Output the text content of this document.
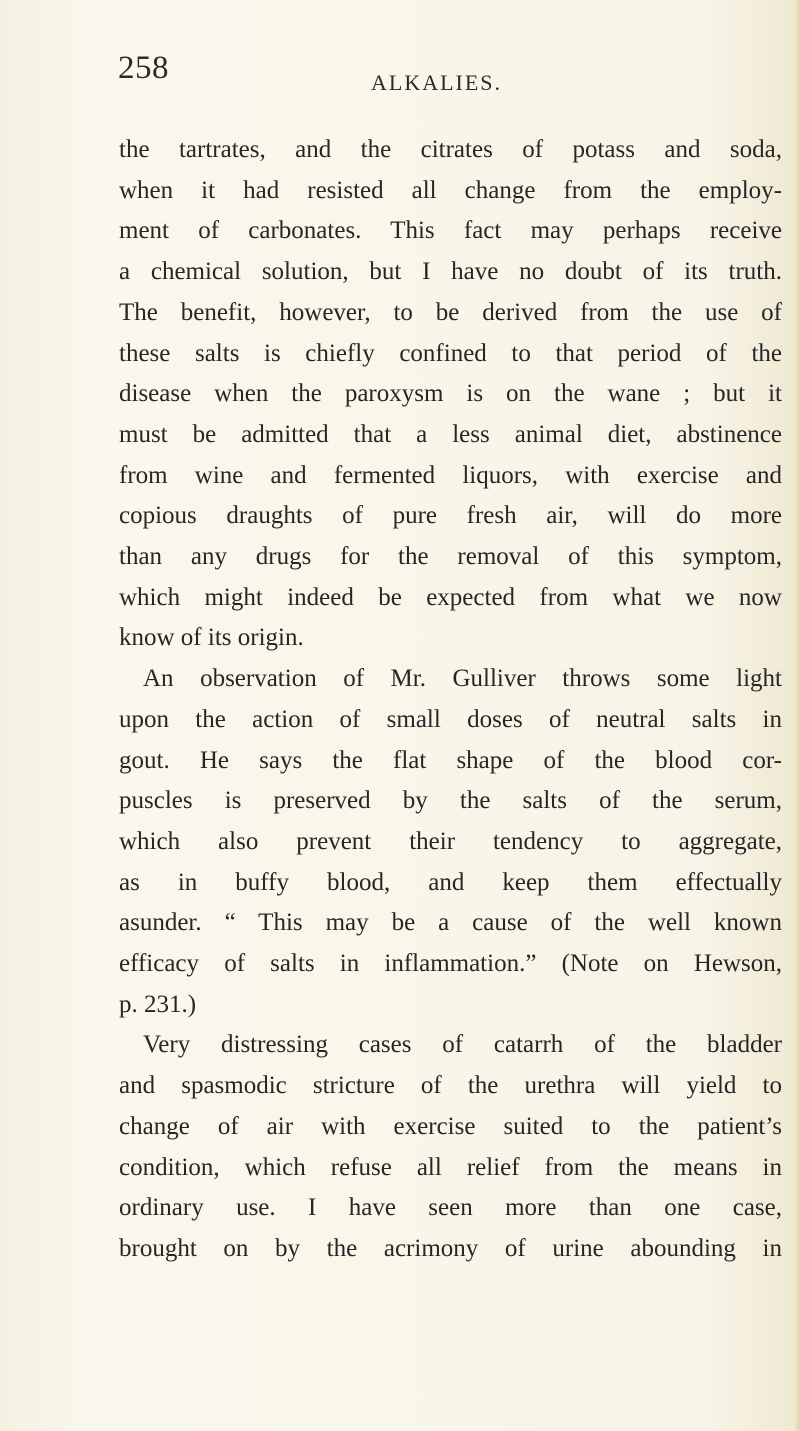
258	ALKALIES.
the tartrates, and the citrates of potass and soda,
when it had resisted all change from the employ-
ment of carbonates. This fact may perhaps receive
a chemical solution, but I have no doubt of its truth.
The benefit, however, to be derived from the use of
these salts is chiefly confined to that period of the
disease when the paroxysm is on the wane ; but it
must be admitted that a less animal diet, abstinence
from wine and fermented liquors, with exercise and
copious draughts of pure fresh air, will do more
than any drugs for the removal of this symptom,
which might indeed be expected from what we now
know of its origin.
An observation of Mr. Gulliver throws some light
upon the action of small doses of neutral salts in
gout. He says the flat shape of the blood cor-
puscles is preserved by the salts of the serum,
which also prevent their tendency to aggregate,
as in buffy blood, and keep them effectually
asunder. “ This may be a cause of the well known
efficacy of salts in inflammation.” (Note on Hewson,
p. 231.)
Very distressing cases of catarrh of the bladder
and spasmodic stricture of the urethra will yield to
change of air with exercise suited to the patient’s
condition, which refuse all relief from the means in
ordinary use. I have seen more than one case,
brought on by the acrimony of urine abounding in
